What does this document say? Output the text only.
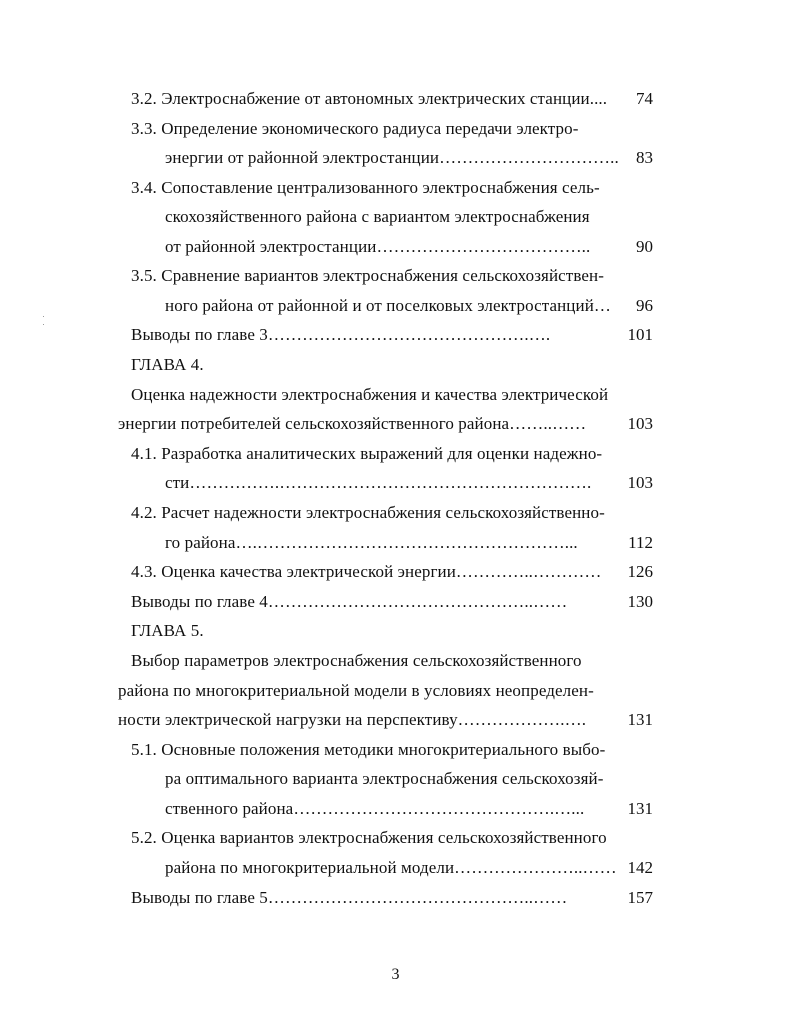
3.2. Электроснабжение от автономных электрических станции.... 74
3.3. Определение экономического радиуса передачи электро-
энергии от районной электростанции………………………….. 83
3.4. Сопоставление централизованного электроснабжения сель-
скохозяйственного района с вариантом электроснабжения
от районной электростанции………………………………..	90
3.5. Сравнение вариантов электроснабжения сельскохозяйствен-
ного района от районной и от поселковых электростанций… 96
Выводы по главе 3……………………………………….….	101
ГЛАВА 4.
Оценка надежности электроснабжения и качества электрической
энергии потребителей сельскохозяйственного района……..…… 103
4.1. Разработка аналитических выражений для оценки надежно-
сти…………….………………………………………………. 103
4.2. Расчет надежности электроснабжения сельскохозяйственно-
го района….………………………………………………...	112
4.3. Оценка качества электрической энергии…………..………… 126
Выводы по главе 4………………………………………..……	130
ГЛАВА 5.
Выбор параметров электроснабжения сельскохозяйственного
района по многокритериальной модели в условиях неопределен-
ности электрической нагрузки на перспективу……………….…. 131
5.1. Основные положения методики многокритериального выбо-
ра оптимального варианта электроснабжения сельскохозяй-
ственного района……………………………………….…...	131
5.2. Оценка вариантов электроснабжения сельскохозяйственного
района по многокритериальной модели…………………..…… 142
Выводы по главе 5………………………………………..……	157
3
